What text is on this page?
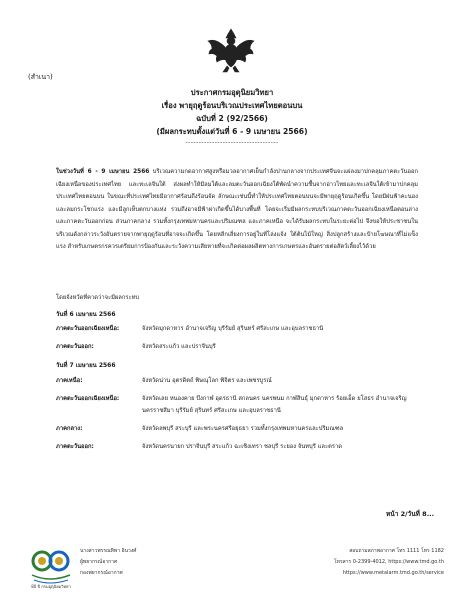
(สำเนา)
ประกาศกรมอุตุนิยมวิทยา
เรื่อง พายุฤดูร้อนบริเวณประเทศไทยตอนบน
ฉบับที่ 2 (92/2566)
(มีผลกระทบตั้งแต่วันที่ 6 - 9 เมษายน 2566)
-----------------------------------
ในช่วงวันที่ 6 - 9 เมษายน 2566 บริเวณความกดอากาศสูงหรือมวลอากาศเย็นกำลังปานกลางจากประเทศจีนจะแผ่ลงมาปกคลุมภาคตะวันออกเฉียงเหนือของประเทศไทย และทะเลจีนใต้ ส่งผลทำให้มีลมใต้และลมตะวันออกเฉียงใต้พัดนำความชื้นจากอ่าวไทยและทะเลจีนใต้เข้ามาปกคลุมประเทศไทยตอนบน ในขณะที่ประเทศไทยมีอากาศร้อนถึงร้อนจัด ลักษณะเช่นนี้ทำให้ประเทศไทยตอนบนจะมีพายุฤดูร้อนเกิดขึ้น โดยมีฝนฟ้าคะนองและลมกระโชกแรง และมีลูกเห็บตกบางแห่ง รวมถึงอาจมีฟ้าผ่าเกิดขึ้นได้บางพื้นที่ โดยจะเริ่มมีผลกระทบบริเวณภาคตะวันออกเฉียงเหนือตอนล่างและภาคตะวันออกก่อน ส่วนภาคกลาง รวมทั้งกรุงเทพมหานครและปริมณฑล และภาคเหนือ จะได้รับผลกระทบในระยะต่อไป จึงขอให้ประชาชนในบริเวณดังกล่าวระวังอันตรายจากพายุฤดูร้อนที่อาจจะเกิดขึ้น โดยหลีกเลี่ยงการอยู่ในที่โล่งแจ้ง ใต้ต้นไม้ใหญ่ สิ่งปลูกสร้างและป้ายโฆษณาที่ไม่แข็งแรง สำหรับเกษตรกรควรเตรียมการป้องกันและระวังความเสียหายที่จะเกิดต่อผลผลิตทางการเกษตรและอันตรายต่อสัตว์เลี้ยงไว้ด้วย
โดยจังหวัดที่คาดว่าจะมีผลกระทบ
วันที่ 6 เมษายน 2566
ภาคตะวันออกเฉียงเหนือ:	จังหวัดมุกดาหาร อำนาจเจริญ บุรีรัมย์ สุรินทร์ ศรีสะเกษ และอุบลราชธานี
ภาคตะวันออก:	จังหวัดสระแก้ว และปราจีนบุรี
วันที่ 7 เมษายน 2566
ภาคเหนือ:	จังหวัดน่าน อุตรดิตถ์ พิษณุโลก พิจิตร และเพชรบูรณ์
ภาคตะวันออกเฉียงเหนือ:	จังหวัดเลย หนองคาย บึงกาฬ อุดรธานี สกลนคร นครพนม กาฬสินธุ์ มุกดาหาร ร้อยเอ็ด ยโสธร อำนาจเจริญ นครราชสีมา บุรีรัมย์ สุรินทร์ ศรีสะเกษ และอุบลราชธานี
ภาคกลาง:	จังหวัดลพบุรี สระบุรี และพระนครศรีอยุธยา รวมทั้งกรุงเทพมหานครและปริมณฑล
ภาคตะวันออก:	จังหวัดนครนายก ปราจีนบุรี สระแก้ว ฉะเชิงเทรา ชลบุรี ระยอง จันทบุรี และตราด
หน้า 2/วันที่ 8...
80 ปี กรมอุตุนิยมวิทยา
นางสาวพรรณทิพา อินวงศ์
ผู้พยากรณ์อากาศ
กองพยากรณ์อากาศ
สอบถามสภาพอากาศ โทร 1111 โทร 1182
โทรสาร 0-2399-4012, https://www.tmd.go.th
https://www.metalarm.tmd.go.th/service
